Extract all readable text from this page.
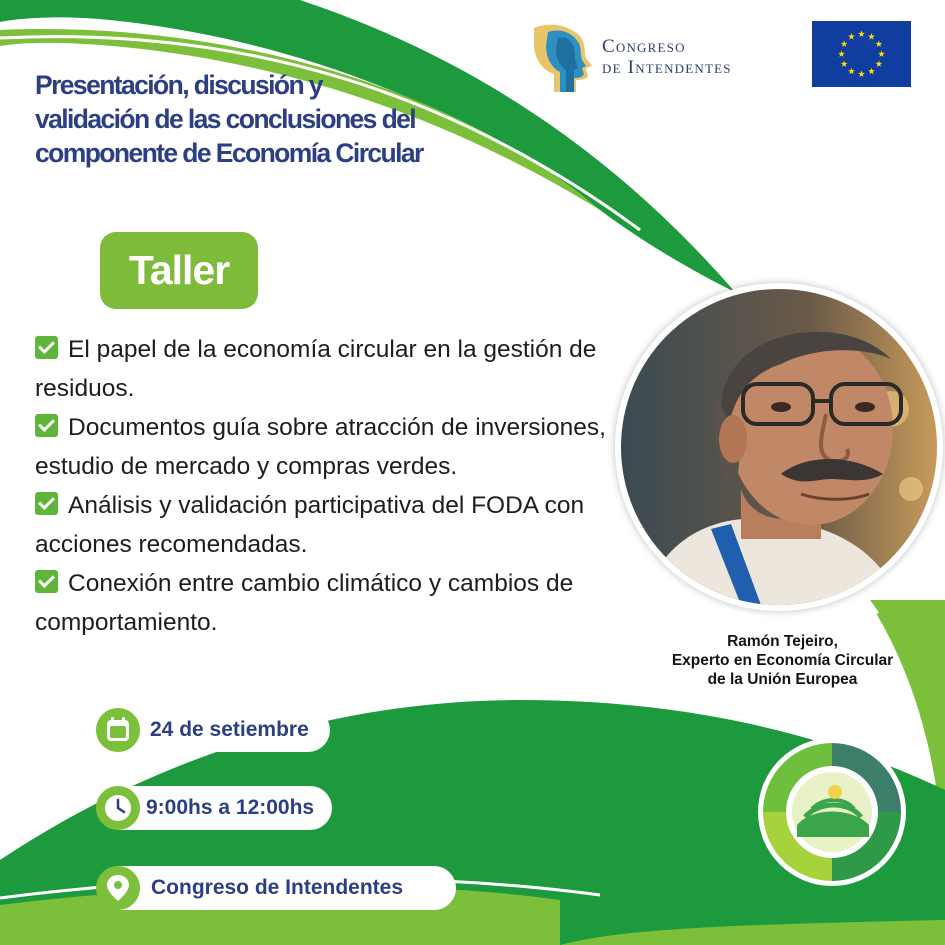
Congreso
de Intendentes
Presentación, discusión y validación de las conclusiones del componente de Economía Circular
Taller
El papel de la economía circular en la gestión de residuos.
Documentos guía sobre atracción de inversiones, estudio de mercado y compras verdes.
Análisis y validación participativa del FODA con acciones recomendadas.
Conexión entre cambio climático y cambios de comportamiento.
Ramón Tejeiro,
Experto en Economía Circular
de la Unión Europea
24 de setiembre
9:00hs a 12:00hs
Congreso de Intendentes
